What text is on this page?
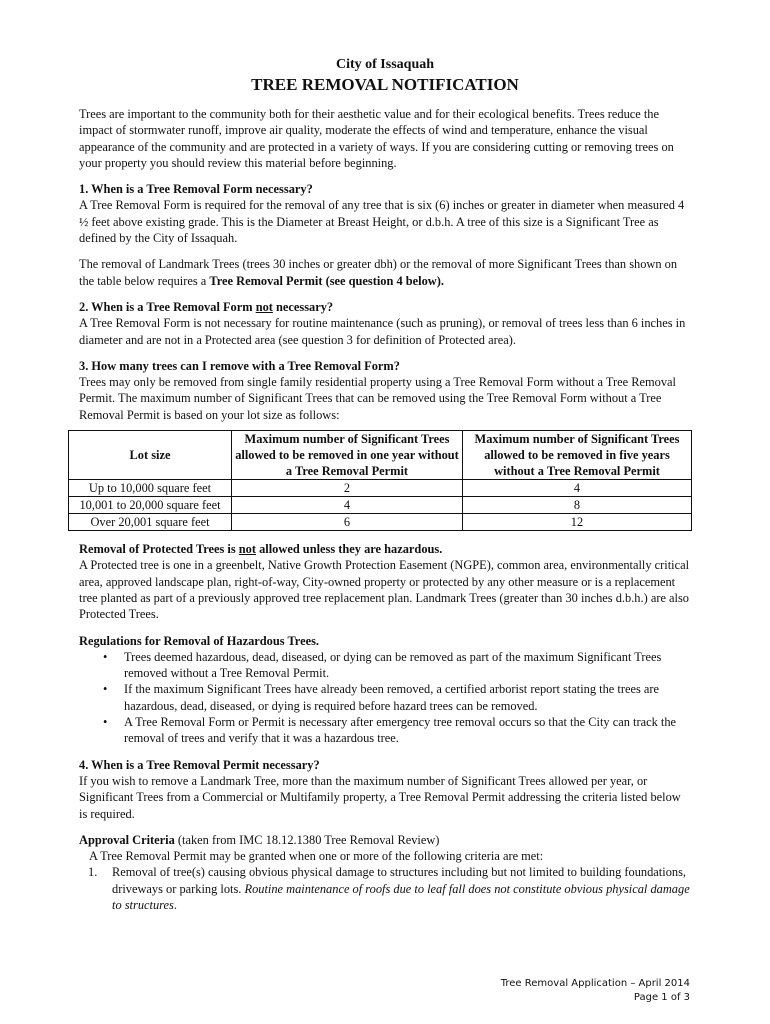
City of Issaquah
TREE REMOVAL NOTIFICATION

Trees are important to the community both for their aesthetic value and for their ecological benefits. Trees reduce the impact of stormwater runoff, improve air quality, moderate the effects of wind and temperature, enhance the visual appearance of the community and are protected in a variety of ways. If you are considering cutting or removing trees on your property you should review this material before beginning.

1. When is a Tree Removal Form necessary?

A Tree Removal Form is required for the removal of any tree that is six (6) inches or greater in diameter when measured 4 ½ feet above existing grade. This is the Diameter at Breast Height, or d.b.h. A tree of this size is a Significant Tree as defined by the City of Issaquah.

The removal of Landmark Trees (trees 30 inches or greater dbh) or the removal of more Significant Trees than shown on the table below requires a Tree Removal Permit (see question 4 below).

2. When is a Tree Removal Form not necessary?

A Tree Removal Form is not necessary for routine maintenance (such as pruning), or removal of trees less than 6 inches in diameter and are not in a Protected area (see question 3 for definition of Protected area).

3. How many trees can I remove with a Tree Removal Form?

Trees may only be removed from single family residential property using a Tree Removal Form without a Tree Removal Permit. The maximum number of Significant Trees that can be removed using the Tree Removal Form without a Tree Removal Permit is based on your lot size as follows:

Lot size	Maximum number of Significant Trees allowed to be removed in one year without a Tree Removal Permit	Maximum number of Significant Trees allowed to be removed in five years without a Tree Removal Permit
Up to 10,000 square feet	2	4
10,001 to 20,000 square feet	4	8
Over 20,001 square feet	6	12

Removal of Protected Trees is not allowed unless they are hazardous.

A Protected tree is one in a greenbelt, Native Growth Protection Easement (NGPE), common area, environmentally critical area, approved landscape plan, right-of-way, City-owned property or protected by any other measure or is a replacement tree planted as part of a previously approved tree replacement plan. Landmark Trees (greater than 30 inches d.b.h.) are also Protected Trees.

Regulations for Removal of Hazardous Trees.

• Trees deemed hazardous, dead, diseased, or dying can be removed as part of the maximum Significant Trees removed without a Tree Removal Permit.
• If the maximum Significant Trees have already been removed, a certified arborist report stating the trees are hazardous, dead, diseased, or dying is required before hazard trees can be removed.
• A Tree Removal Form or Permit is necessary after emergency tree removal occurs so that the City can track the removal of trees and verify that it was a hazardous tree.

4. When is a Tree Removal Permit necessary?

If you wish to remove a Landmark Tree, more than the maximum number of Significant Trees allowed per year, or Significant Trees from a Commercial or Multifamily property, a Tree Removal Permit addressing the criteria listed below is required.

Approval Criteria (taken from IMC 18.12.1380 Tree Removal Review)

A Tree Removal Permit may be granted when one or more of the following criteria are met:

1. Removal of tree(s) causing obvious physical damage to structures including but not limited to building foundations, driveways or parking lots. Routine maintenance of roofs due to leaf fall does not constitute obvious physical damage to structures.
Tree Removal Application – April 2014
Page 1 of 3
